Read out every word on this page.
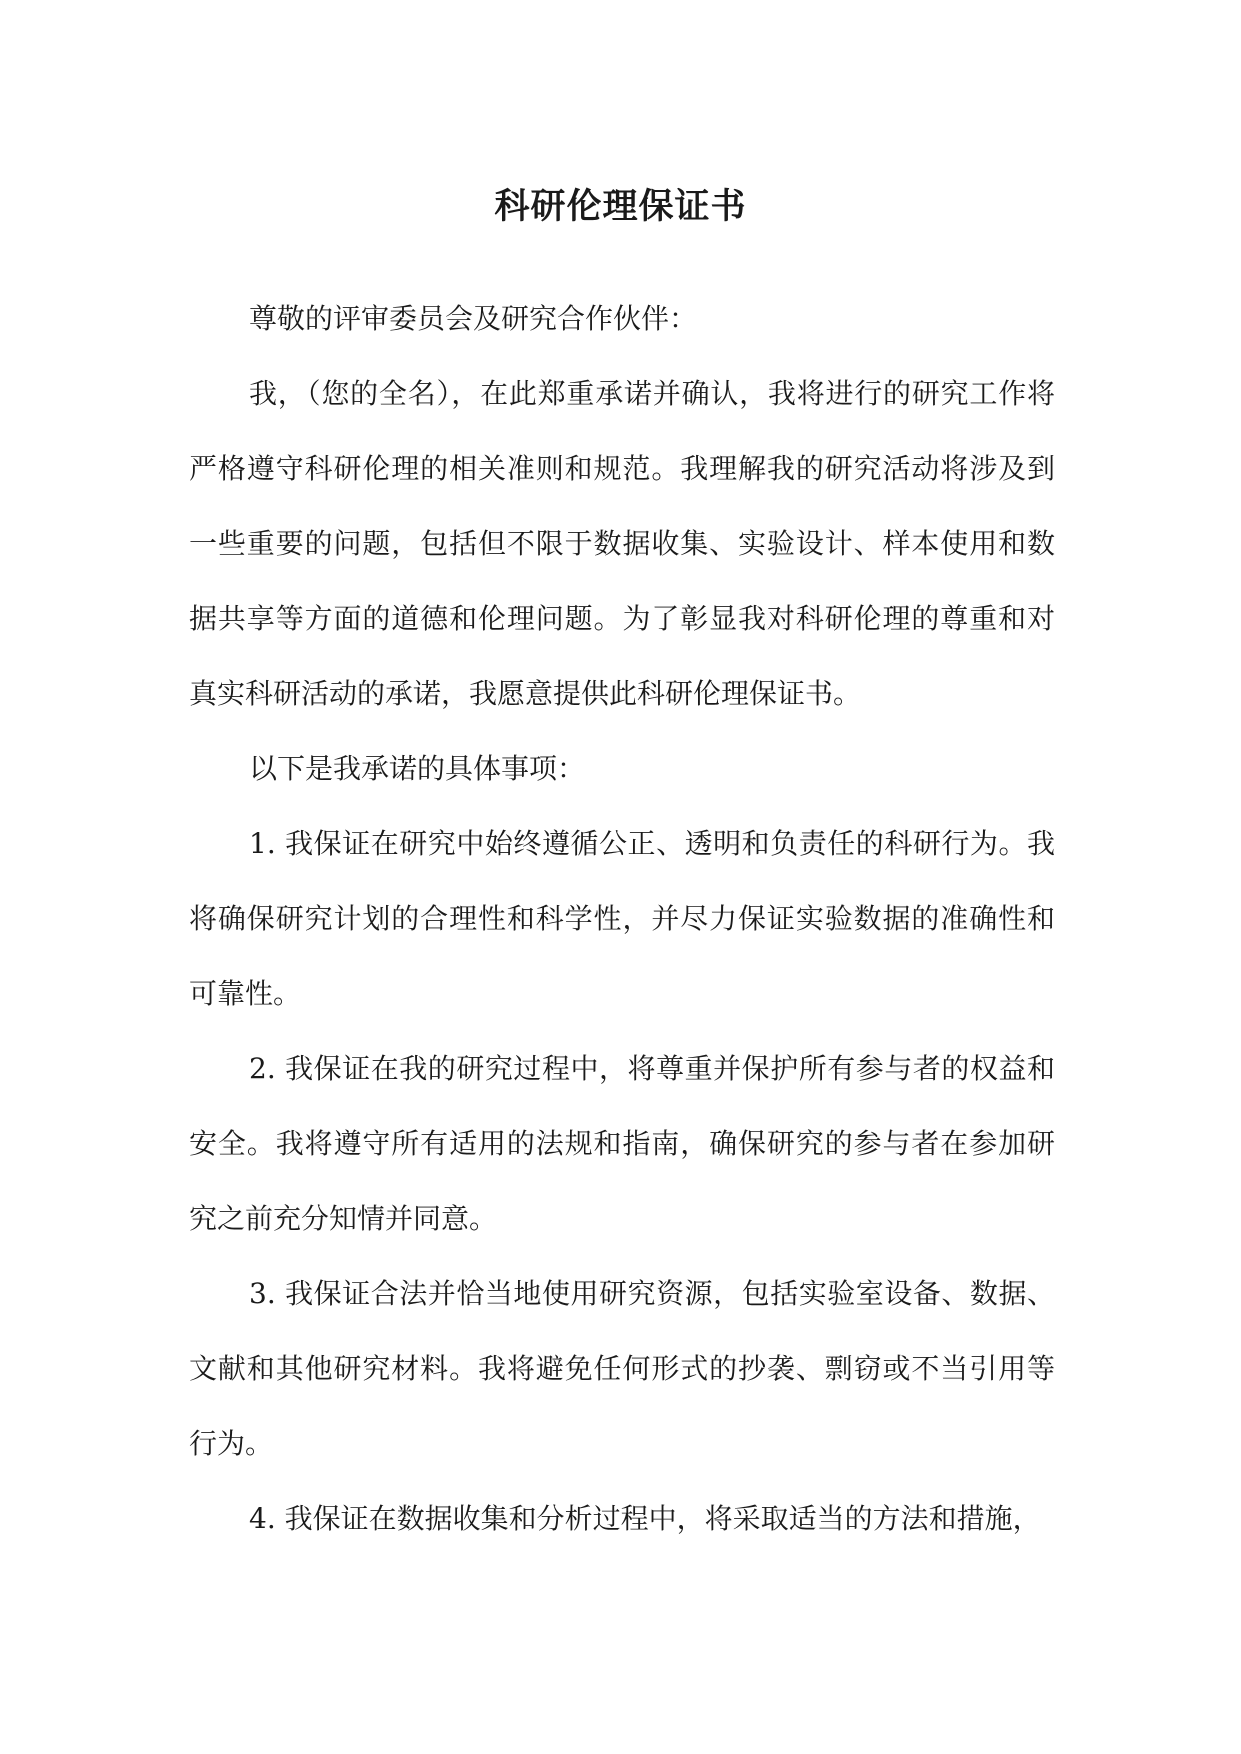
科研伦理保证书

尊敬的评审委员会及研究合作伙伴：

我，（您的全名），在此郑重承诺并确认，我将进行的研究工作将严格遵守科研伦理的相关准则和规范。我理解我的研究活动将涉及到一些重要的问题，包括但不限于数据收集、实验设计、样本使用和数据共享等方面的道德和伦理问题。为了彰显我对科研伦理的尊重和对真实科研活动的承诺，我愿意提供此科研伦理保证书。

以下是我承诺的具体事项：

1. 我保证在研究中始终遵循公正、透明和负责任的科研行为。我将确保研究计划的合理性和科学性，并尽力保证实验数据的准确性和可靠性。

2. 我保证在我的研究过程中，将尊重并保护所有参与者的权益和安全。我将遵守所有适用的法规和指南，确保研究的参与者在参加研究之前充分知情并同意。

3. 我保证合法并恰当地使用研究资源，包括实验室设备、数据、文献和其他研究材料。我将避免任何形式的抄袭、剽窃或不当引用等行为。

4. 我保证在数据收集和分析过程中，将采取适当的方法和措施，
